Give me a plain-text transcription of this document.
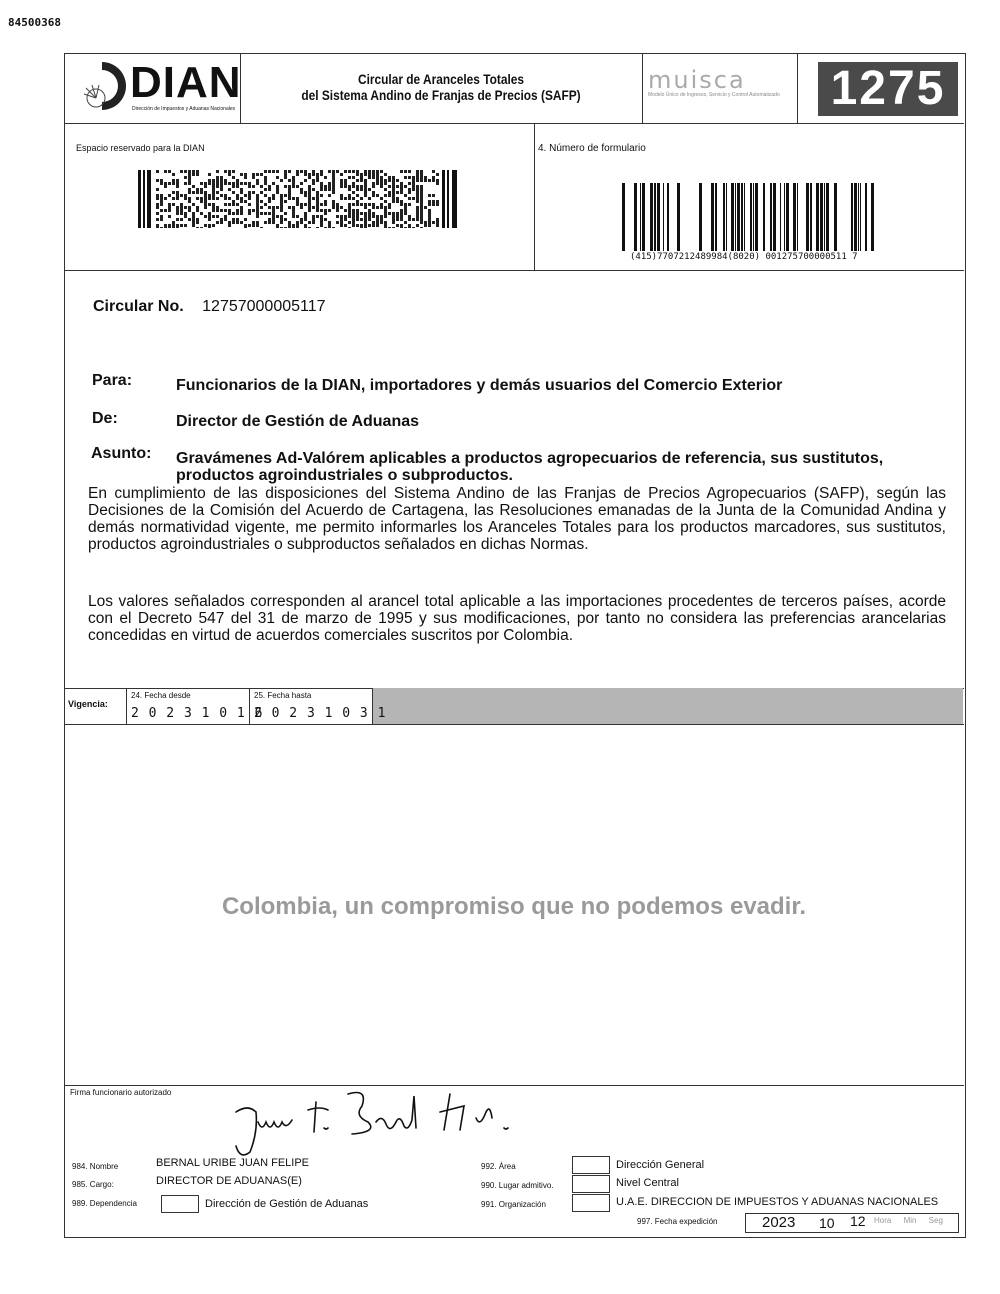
84500368
DIAN
Dirección de Impuestos y Aduanas Nacionales
Circular de Aranceles Totales
del Sistema Andino de Franjas de Precios (SAFP)
muisca
Modelo Único de Ingresos, Servicio y Control Automatizado 1275
Espacio reservado para la DIAN	4. Número de formulario
(415)7707212489984(8020) 001275700000511 7
Circular No. 12757000005117
Para:	Funcionarios de la DIAN, importadores y demás usuarios del Comercio Exterior
De:	Director de Gestión de Aduanas
Asunto: Gravámenes Ad-Valórem aplicables a productos agropecuarios de referencia, sus sustitutos,
productos agroindustriales o subproductos.
En cumplimiento de las disposiciones del Sistema Andino de las Franjas de Precios Agropecuarios (SAFP), según las Decisiones de la Comisión del Acuerdo de Cartagena, las Resoluciones emanadas de la Junta de la Comunidad Andina y demás normatividad vigente, me permito informarles los Aranceles Totales para los productos marcadores, sus sustitutos, productos agroindustriales o subproductos señalados en dichas Normas.
Los valores señalados corresponden al arancel total aplicable a las importaciones procedentes de terceros países, acorde con el Decreto 547 del 31 de marzo de 1995 y sus modificaciones, por tanto no considera las preferencias arancelarias concedidas en virtud de acuerdos comerciales suscritos por Colombia.
Vigencia:
24. Fecha desde
2 0 2 3 1 0 1 6
25. Fecha hasta
2 0 2 3 1 0 3 1
Colombia, un compromiso que no podemos evadir.
Firma funcionario autorizado
984. Nombre	BERNAL URIBE JUAN FELIPE
985. Cargo:	DIRECTOR DE ADUANAS(E)
989. Dependencia	Dirección de Gestión de Aduanas
992. Área	Dirección General
990. Lugar admitivo.	Nivel Central
991. Organización	U.A.E. DIRECCION DE IMPUESTOS Y ADUANAS NACIONALES
997. Fecha expedición	2023 10 12 Hora Min Seg
